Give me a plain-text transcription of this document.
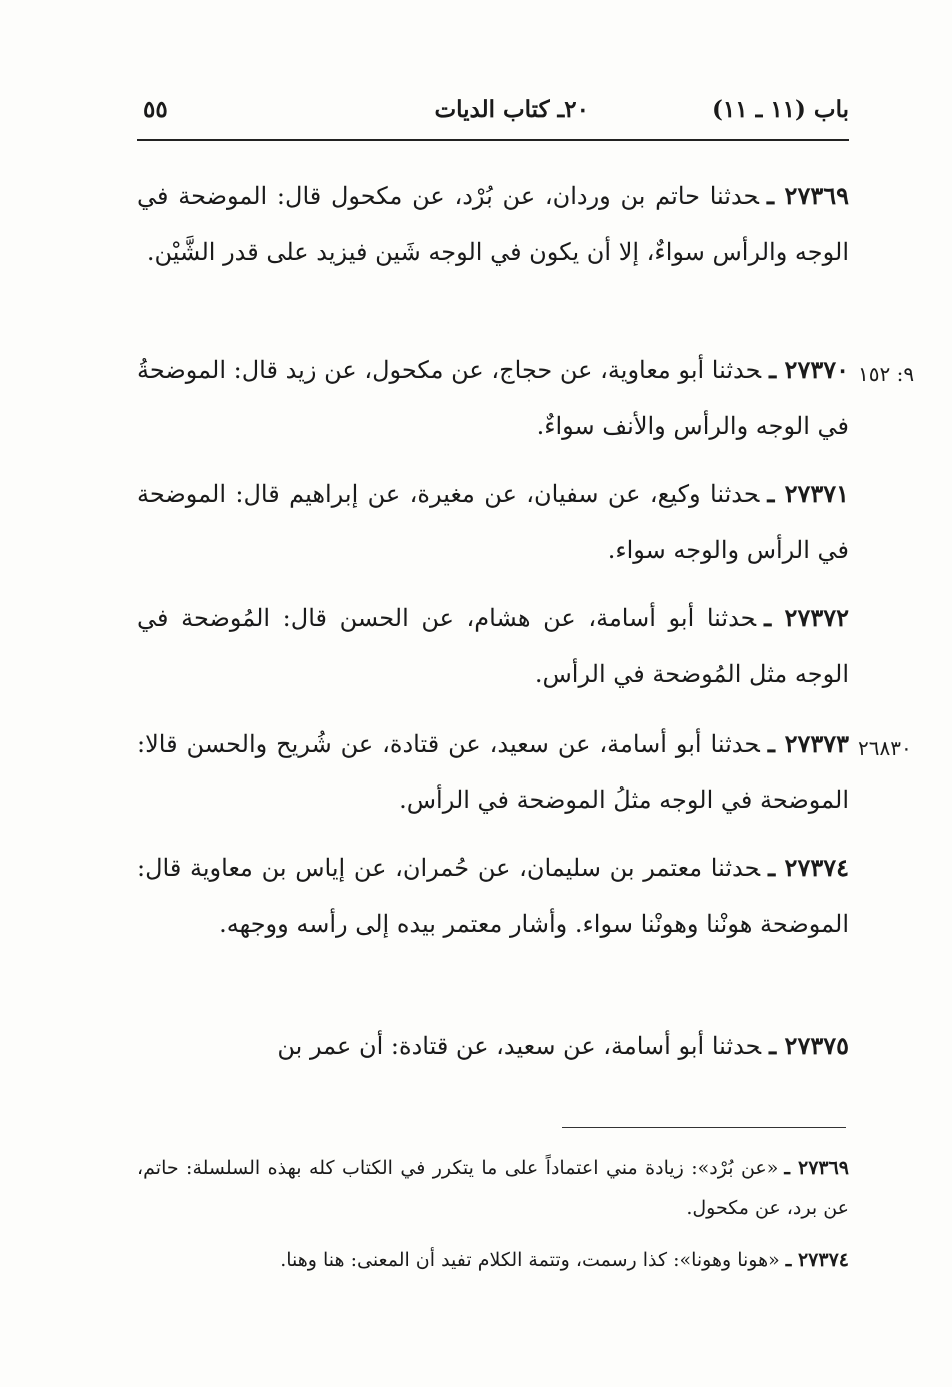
باب (١١ ـ ١١)
٢٠ـ كتاب الديات
٥٥
٢٧٣٦٩ ـحدثنا حاتم بن وردان، عن بُرْد، عن مكحول قال: الموضحة في الوجه والرأس سواءٌ، إلا أن يكون في الوجه شَين فيزيد على قدر الشَّيْن.
٩: ١٥٢
٢٧٣٧٠ ـحدثنا أبو معاوية، عن حجاج، عن مكحول، عن زيد قال: الموضحةُ في الوجه والرأس والأنف سواءٌ.
٢٧٣٧١ ـحدثنا وكيع، عن سفيان، عن مغيرة، عن إبراهيم قال: الموضحة في الرأس والوجه سواء.
٢٧٣٧٢ ـحدثنا أبو أسامة، عن هشام، عن الحسن قال: المُوضحة في الوجه مثل المُوضحة في الرأس.
٢٦٨٣٠
٢٧٣٧٣ ـحدثنا أبو أسامة، عن سعيد، عن قتادة، عن شُريح والحسن قالا: الموضحة في الوجه مثلُ الموضحة في الرأس.
٢٧٣٧٤ ـحدثنا معتمر بن سليمان، عن حُمران، عن إياس بن معاوية قال: الموضحة هونْنا وهونْنا سواء. وأشار معتمر بيده إلى رأسه ووجهه.
٢٧٣٧٥ ـحدثنا أبو أسامة، عن سعيد، عن قتادة: أن عمر بن
٢٧٣٦٩ ـ«عن بُرْد»: زيادة مني اعتماداً على ما يتكرر في الكتاب كله بهذه السلسلة: حاتم، عن برد، عن مكحول.
٢٧٣٧٤ ـ«هونا وهونا»: كذا رسمت، وتتمة الكلام تفيد أن المعنى: هنا وهنا.
